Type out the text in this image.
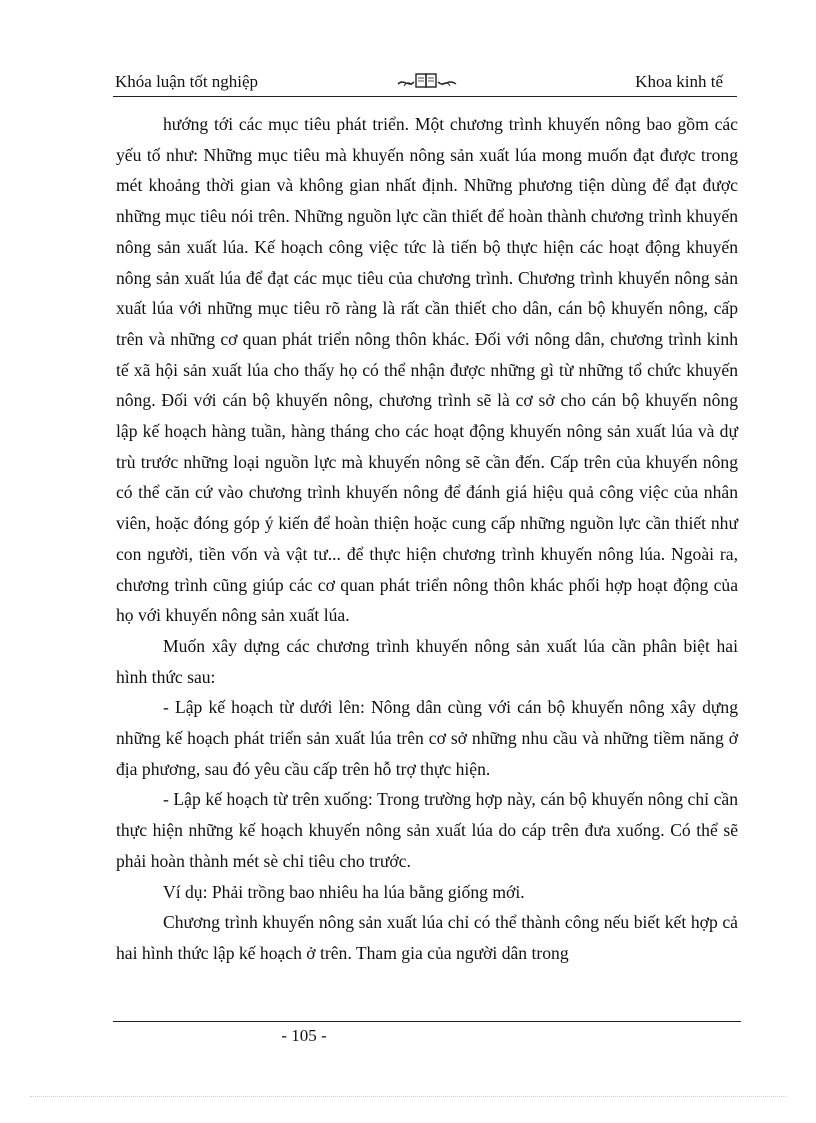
Khóa luận tốt nghiệp	Khoa kinh tế

hướng tới các mục tiêu phát triển. Một chương trình khuyến nông bao gồm các yếu tố như: Những mục tiêu mà khuyến nông sản xuất lúa mong muốn đạt được trong mét khoảng thời gian và không gian nhất định. Những phương tiện dùng để đạt được những mục tiêu nói trên. Những nguồn lực cần thiết để hoàn thành chương trình khuyến nông sản xuất lúa. Kế hoạch công việc tức là tiến bộ thực hiện các hoạt động khuyến nông sản xuất lúa để đạt các mục tiêu của chương trình. Chương trình khuyến nông sản xuất lúa với những mục tiêu rõ ràng là rất cần thiết cho dân, cán bộ khuyến nông, cấp trên và những cơ quan phát triển nông thôn khác. Đối với nông dân, chương trình kinh tế xã hội sản xuất lúa cho thấy họ có thể nhận được những gì từ những tổ chức khuyến nông. Đối với cán bộ khuyến nông, chương trình sẽ là cơ sở cho cán bộ khuyến nông lập kế hoạch hàng tuần, hàng tháng cho các hoạt động khuyến nông sản xuất lúa và dự trù trước những loại nguồn lực mà khuyến nông sẽ cần đến. Cấp trên của khuyến nông có thể căn cứ vào chương trình khuyến nông để đánh giá hiệu quả công việc của nhân viên, hoặc đóng góp ý kiến để hoàn thiện hoặc cung cấp những nguồn lực cần thiết như con người, tiền vốn và vật tư... để thực hiện chương trình khuyến nông lúa. Ngoài ra, chương trình cũng giúp các cơ quan phát triển nông thôn khác phối hợp hoạt động của họ với khuyến nông sản xuất lúa.

Muốn xây dựng các chương trình khuyến nông sản xuất lúa cần phân biệt hai hình thức sau:

- Lập kế hoạch từ dưới lên: Nông dân cùng với cán bộ khuyến nông xây dựng những kế hoạch phát triển sản xuất lúa trên cơ sở những nhu cầu và những tiềm năng ở địa phương, sau đó yêu cầu cấp trên hỗ trợ thực hiện.

- Lập kế hoạch từ trên xuống: Trong trường hợp này, cán bộ khuyến nông chỉ cần thực hiện những kế hoạch khuyến nông sản xuất lúa do cáp trên đưa xuống. Có thể sẽ phải hoàn thành mét sè chỉ tiêu cho trước.

Ví dụ: Phải trồng bao nhiêu ha lúa bằng giống mới.

Chương trình khuyến nông sản xuất lúa chỉ có thể thành công nếu biết kết hợp cả hai hình thức lập kế hoạch ở trên. Tham gia của người dân trong

- 105 -
